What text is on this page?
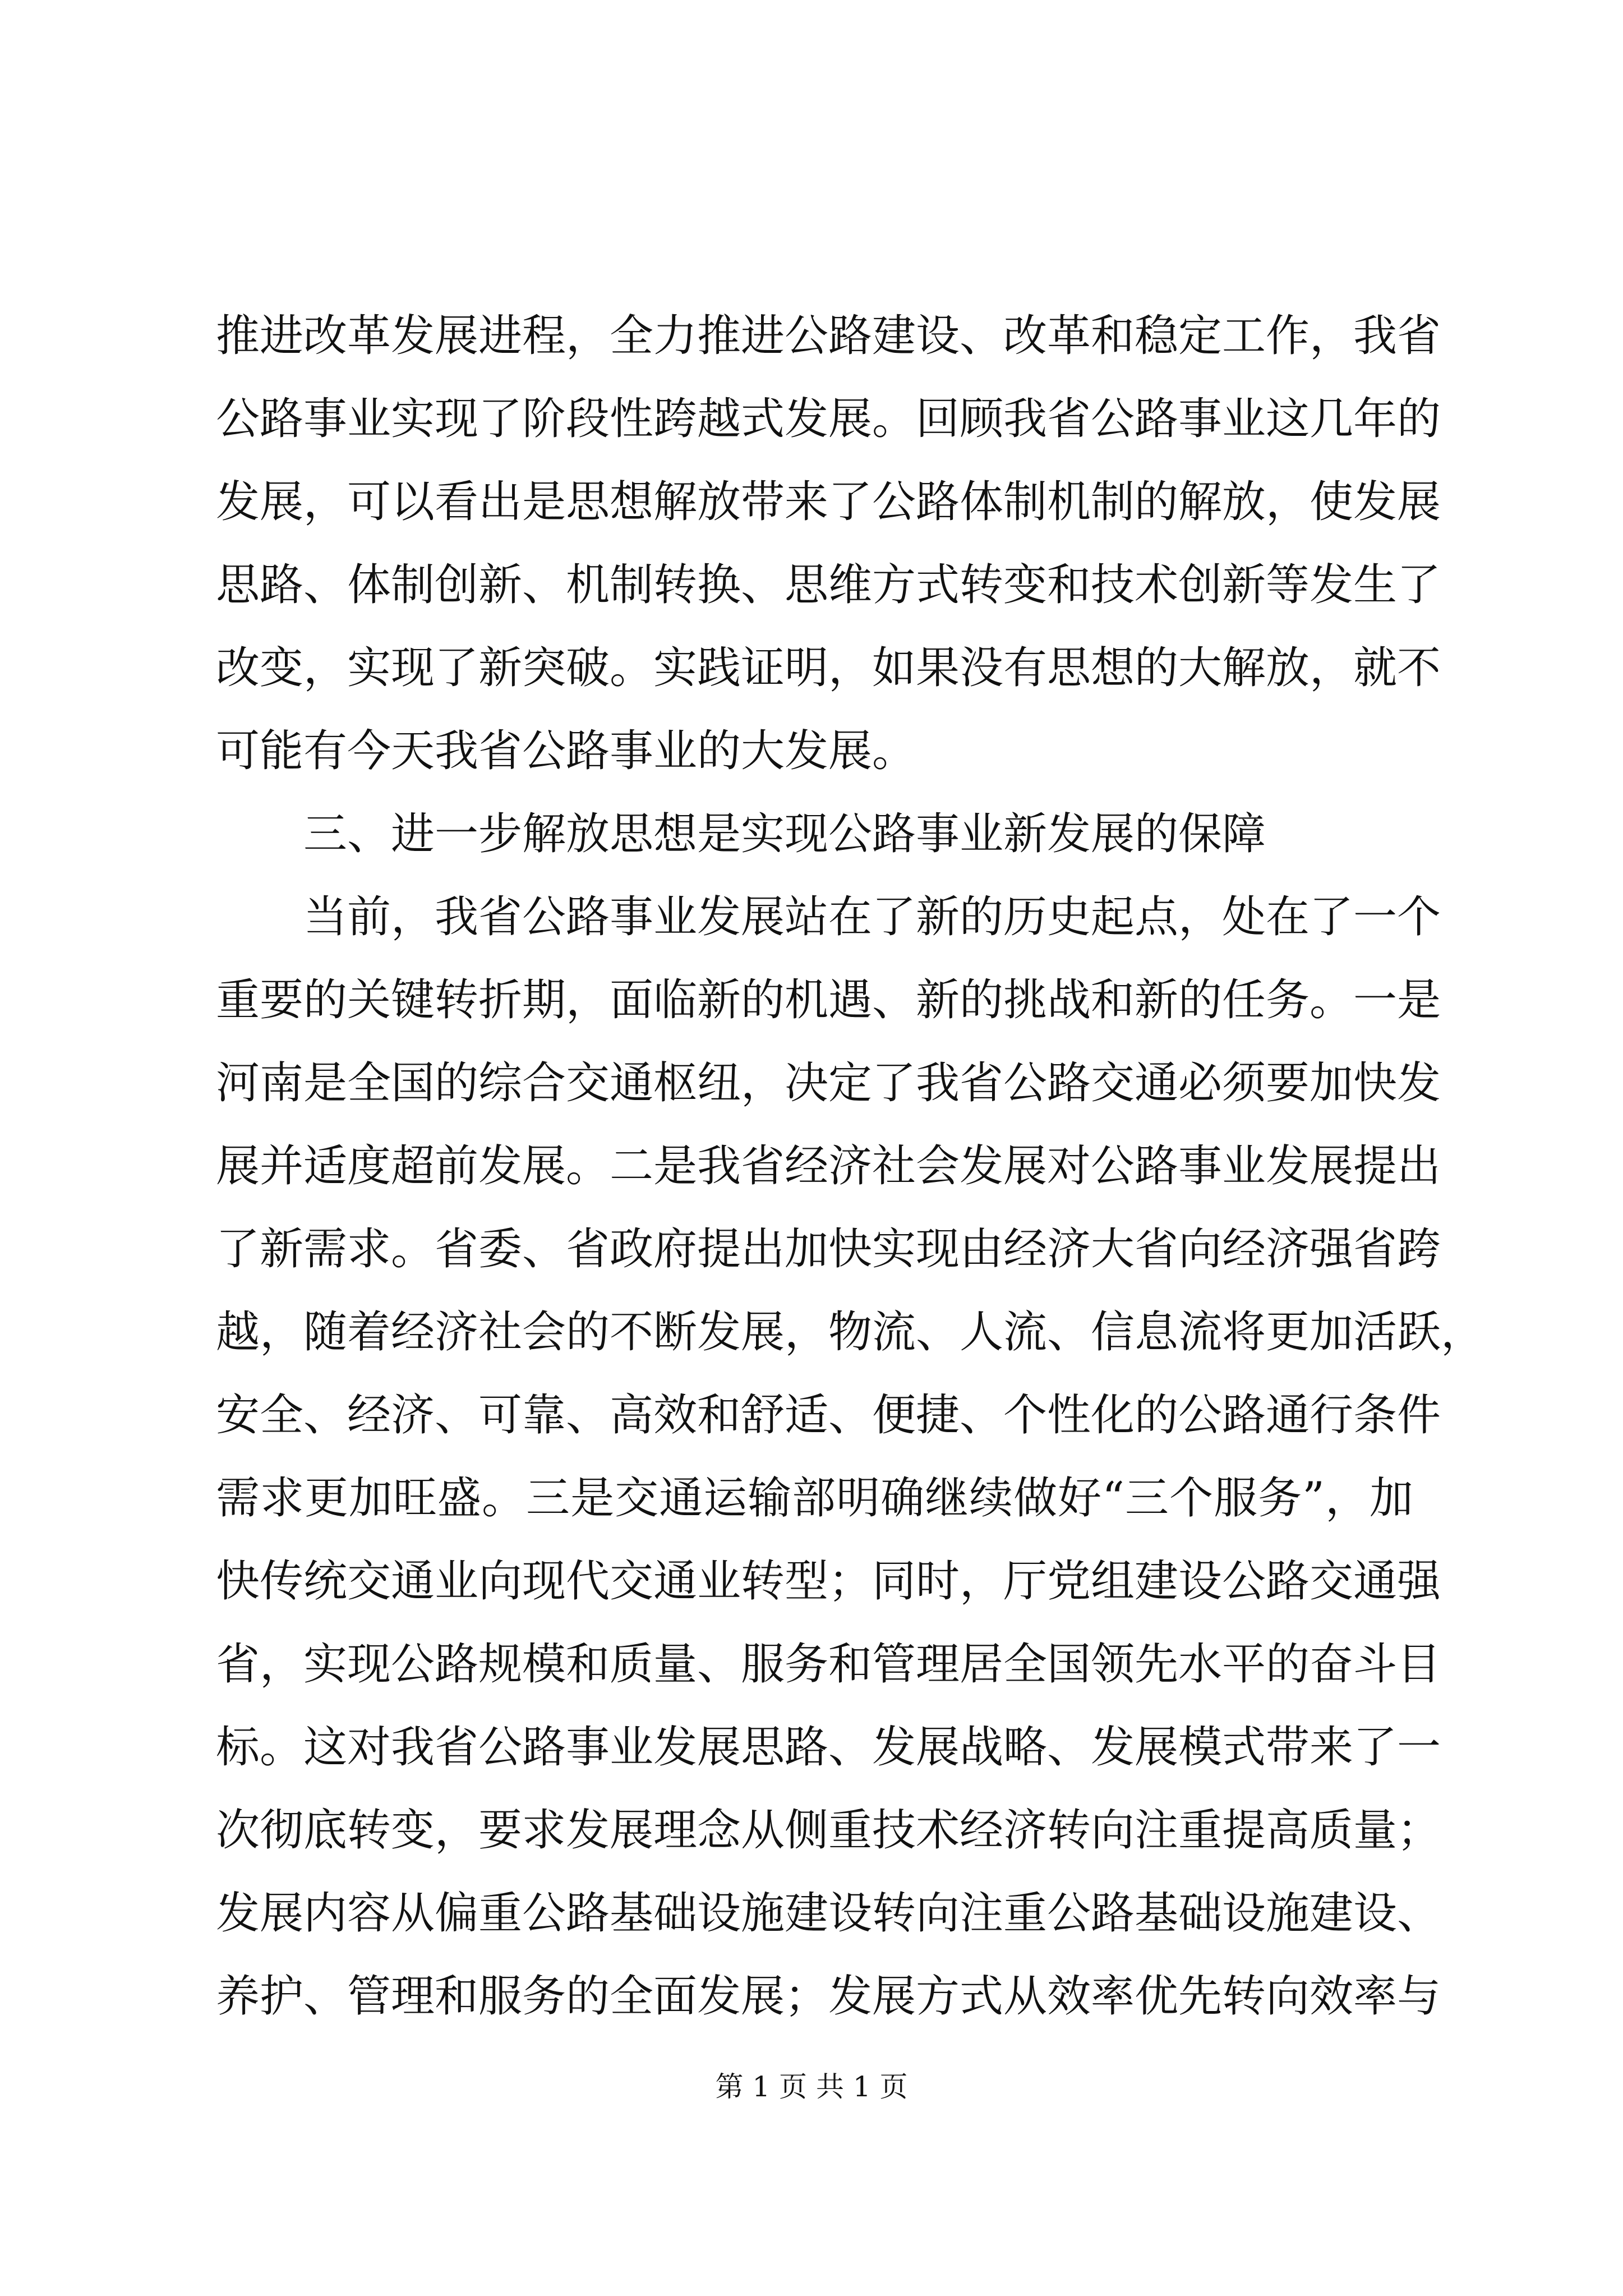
推进改革发展进程，全力推进公路建设、改革和稳定工作，我省
公路事业实现了阶段性跨越式发展。回顾我省公路事业这几年的
发展，可以看出是思想解放带来了公路体制机制的解放，使发展
思路、体制创新、机制转换、思维方式转变和技术创新等发生了
改变，实现了新突破。实践证明，如果没有思想的大解放，就不
可能有今天我省公路事业的大发展。
三、进一步解放思想是实现公路事业新发展的保障
当前，我省公路事业发展站在了新的历史起点，处在了一个
重要的关键转折期，面临新的机遇、新的挑战和新的任务。一是
河南是全国的综合交通枢纽，决定了我省公路交通必须要加快发
展并适度超前发展。二是我省经济社会发展对公路事业发展提出
了新需求。省委、省政府提出加快实现由经济大省向经济强省跨
越，随着经济社会的不断发展，物流、人流、信息流将更加活跃，
安全、经济、可靠、高效和舒适、便捷、个性化的公路通行条件
需求更加旺盛。三是交通运输部明确继续做好“三个服务”，加
快传统交通业向现代交通业转型；同时，厅党组建设公路交通强
省，实现公路规模和质量、服务和管理居全国领先水平的奋斗目
标。这对我省公路事业发展思路、发展战略、发展模式带来了一
次彻底转变，要求发展理念从侧重技术经济转向注重提高质量；
发展内容从偏重公路基础设施建设转向注重公路基础设施建设、
养护、管理和服务的全面发展；发展方式从效率优先转向效率与
第 1 页 共 1 页
